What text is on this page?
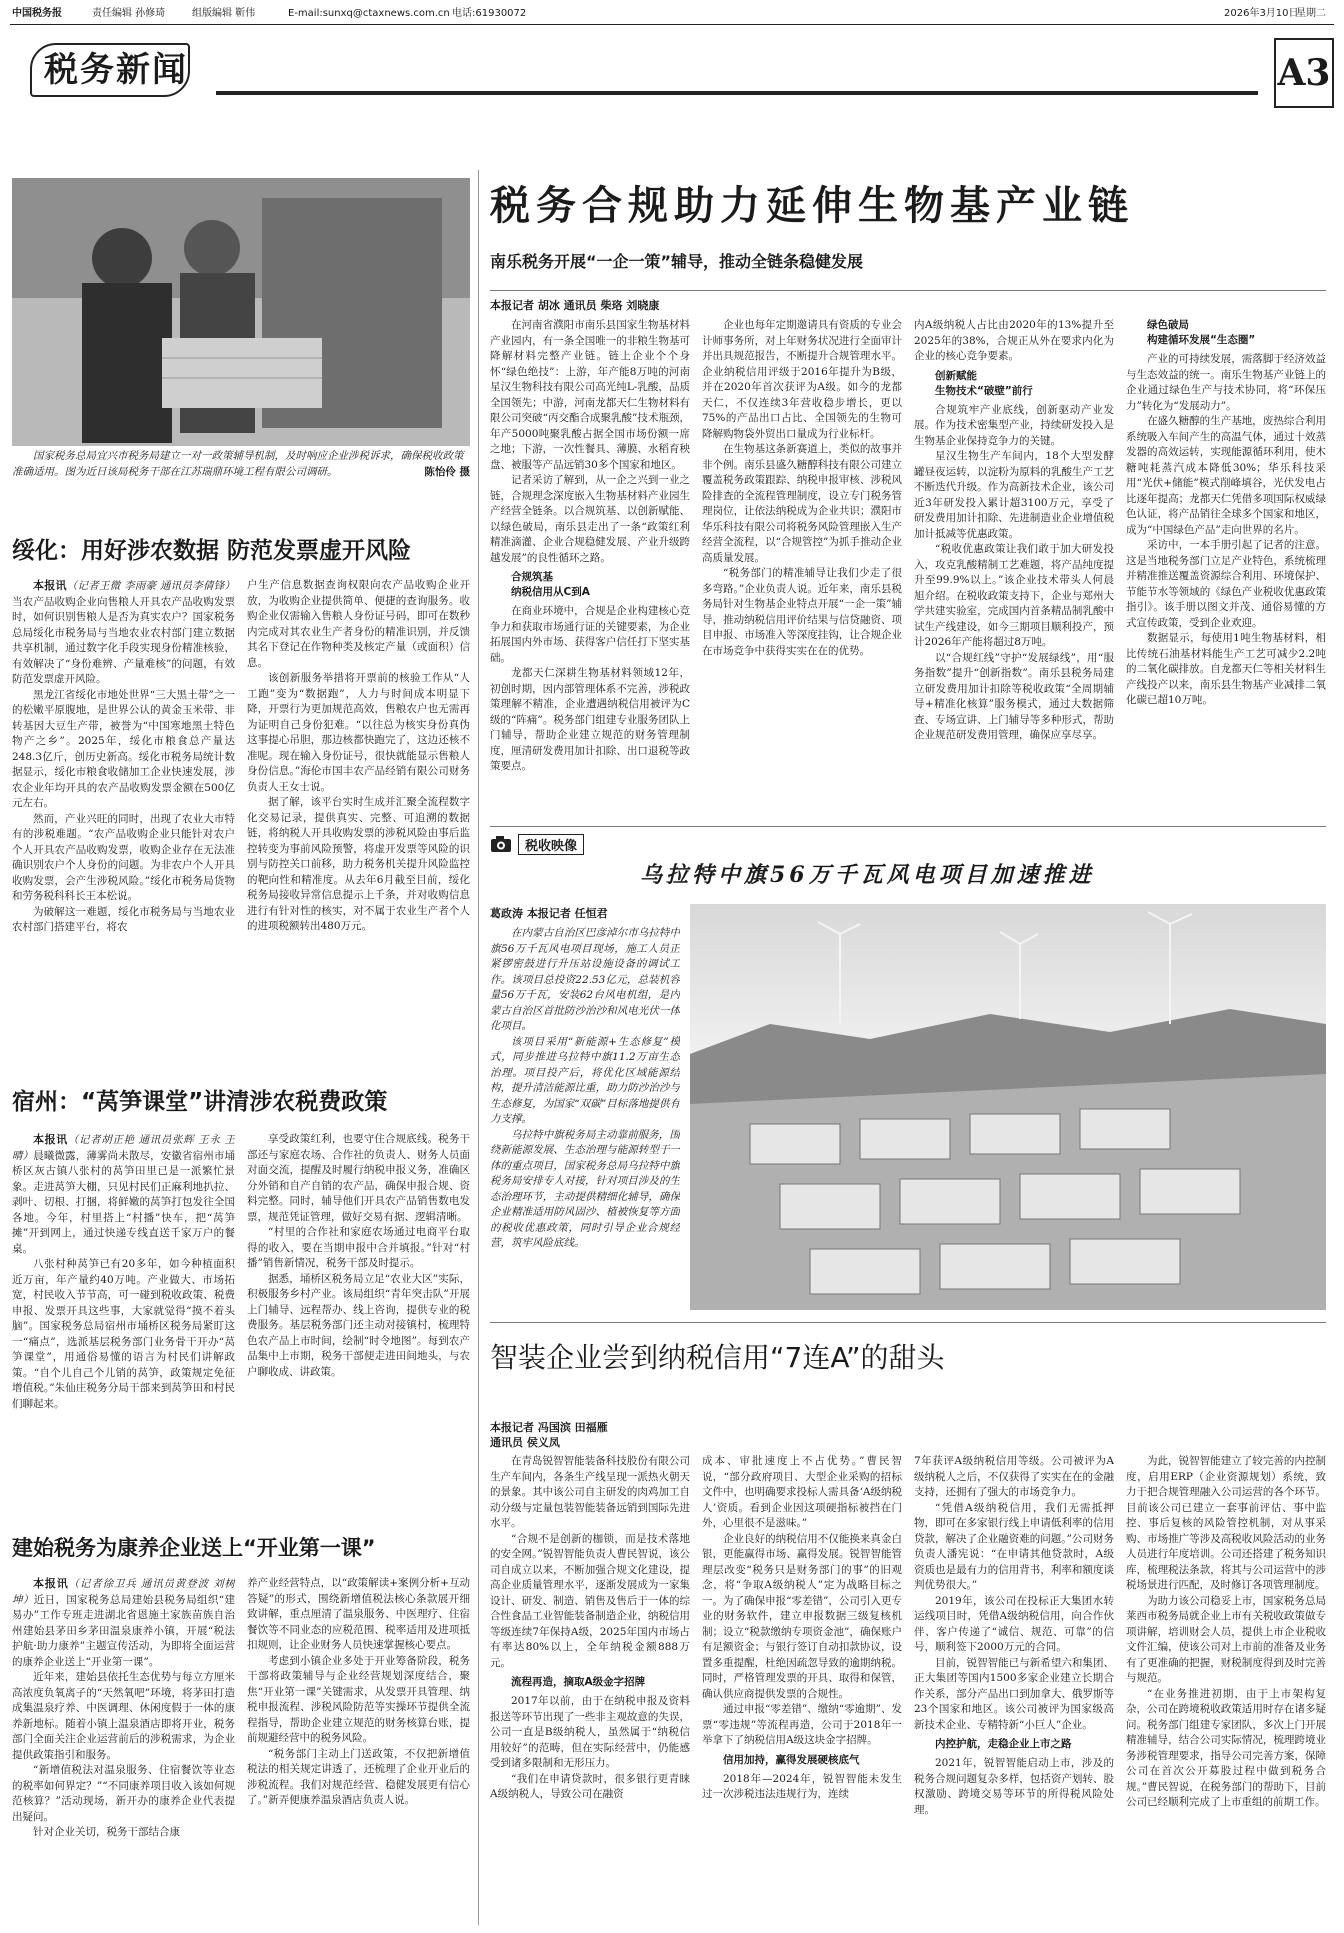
中国税务报	责任编辑 孙修琦	组版编辑 靳伟	E-mail:sunxq@ctaxnews.com.cn 电话:61930072	2026年3月10日
星期二
税务新闻	A3
国家税务总局宜兴市税务局建立一对一政策辅导机制，及时响应企业涉税诉求，确保税收政策准确适用。图为近日该局税务干部在江苏瑞鼎环境工程有限公司调研。	陈怡伶 摄
绥化：用好涉农数据 防范发票虚开风险

本报讯（记者王微 李雨豪 通讯员李倩锋）当农产品收购企业向售粮人开具农产品收购发票时，如何识别售粮人是否为真实农户？国家税务总局绥化市税务局与当地农业农村部门建立数据共享机制，通过数字化手段实现身份精准核验，有效解决了“身份难辨、产量难核”的问题，有效防范发票虚开风险。

黑龙江省绥化市地处世界“三大黑土带”之一的松嫩平原腹地，是世界公认的黄金玉米带、非转基因大豆生产带，被誉为“中国寒地黑土特色物产之乡”。2025年，绥化市粮食总产量达248.3亿斤，创历史新高。绥化市税务局统计数据显示，绥化市粮食收储加工企业快速发展，涉农企业年均开具的农产品收购发票金额在500亿元左右。

然而，产业兴旺的同时，出现了农业大市特有的涉税难题。“农产品收购企业只能针对农户个人开具农产品收购发票，收购企业存在无法准确识别农户个人身份的问题。为非农户个人开具收购发票，会产生涉税风险。”绥化市税务局货物和劳务税科科长王本松说。

为破解这一难题，绥化市税务局与当地农业农村部门搭建平台，将农

户生产信息数据查询权限向农产品收购企业开放，为收购企业提供简单、便捷的查询服务。收购企业仅需输入售粮人身份证号码，即可在数秒内完成对其农业生产者身份的精准识别，并反馈其名下登记在作物种类及核定产量（或面积）信息。

该创新服务举措将开票前的核验工作从“人工跑”变为“数据跑”，人力与时间成本明显下降，开票行为更加规范高效，售粮农户也无需再为证明自己身份犯难。“以往总为核实身份真伪这事提心吊胆，那边核都快跑完了，这边还核不准呢。现在输入身份证号，很快就能显示售粮人身份信息。”海伦市国丰农产品经销有限公司财务负责人王女士说。

据了解，该平台实时生成并汇聚全流程数字化交易记录，提供真实、完整、可追溯的数据链，将纳税人开具收购发票的涉税风险由事后监控转变为事前风险预警，将虚开发票等风险的识别与防控关口前移，助力税务机关提升风险监控的靶向性和精准度。从去年6月截至目前，绥化税务局接收异常信息提示上千条，并对收购信息进行有针对性的核实，对不属于农业生产者个人的进项税额转出480万元。

宿州：“莴笋课堂”讲清涉农税费政策

本报讯（记者胡正艳 通讯员张辉 王永 王晴）晨曦微露，薄雾尚未散尽，安徽省宿州市埇桥区灰古镇八张村的莴笋田里已是一派繁忙景象。走进莴笋大棚，只见村民们正麻利地扒拉、剥叶、切根、打捆，将鲜嫩的莴笋打包发往全国各地。今年，村里搭上“村播”快车，把“莴笋摊”开到网上，通过快递专线直送千家万户的餐桌。

八张村种莴笋已有20多年，如今种植面积近万亩，年产量约40万吨。产业做大、市场拓宽，村民收入节节高，可一碰到税收政策、税费申报、发票开具这些事，大家就觉得“摸不着头脑”。国家税务总局宿州市埇桥区税务局紧盯这一“痛点”，选派基层税务部门业务骨干开办“莴笋课堂”，用通俗易懂的语言为村民们讲解政策。“自个儿自己个儿销的莴笋，政策规定免征增值税。”朱仙庄税务分局干部来到莴笋田和村民们聊起来。

享受政策红利，也要守住合规底线。税务干部还与家庭农场、合作社的负责人、财务人员面对面交流，提醒及时履行纳税申报义务，准确区分外销和自产自销的农产品，确保申报合规、资料完整。同时，辅导他们开具农产品销售数电发票，规范凭证管理，做好交易有据、逻辑清晰。

“村里的合作社和家庭农场通过电商平台取得的收入，要在当期申报中合并填报。”针对“村播”销售新情况，税务干部及时提示。

据悉，埇桥区税务局立足“农业大区”实际，积极服务乡村产业。该局组织“青年突击队”开展上门辅导、远程帮办、线上咨询，提供专业的税费服务。基层税务部门还主动对接镇村，梳理特色农产品上市时间，绘制“时令地图”。每到农产品集中上市期，税务干部便走进田间地头，与农户聊收成、讲政策。

建始税务为康养企业送上“开业第一课”

本报讯（记者徐卫兵 通讯员黄登波 刘树坤）近日，国家税务总局建始县税务局组织“建易办”工作专班走进湖北省恩施土家族苗族自治州建始县茅田乡茅田温泉康养小镇，开展“税法护航·助力康养”主题宣传活动，为即将全面运营的康养企业送上“开业第一课”。

近年来，建始县依托生态优势与每立方厘米高浓度负氧离子的“天然氧吧”环境，将茅田打造成集温泉疗养、中医调理、休闲度假于一体的康养新地标。随着小镇上温泉酒店即将开业，税务部门全面关注企业运营前后的涉税需求，为企业提供政策指引和服务。

“新增值税法对温泉服务、住宿餐饮等业态的税率如何界定？”“不同康养项目收入该如何规范核算？”活动现场，新开办的康养企业代表提出疑问。

针对企业关切，税务干部结合康

养产业经营特点，以“政策解读+案例分析+互动答疑”的形式，围绕新增值税法核心条款展开细致讲解，重点厘清了温泉服务、中医理疗、住宿餐饮等不同业态的应税范围、税率适用及进项抵扣规则，让企业财务人员快速掌握核心要点。

考虑到小镇企业多处于开业筹备阶段，税务干部将政策辅导与企业经营规划深度结合，聚焦“开业第一课”关键需求，从发票开具管理、纳税申报流程、涉税风险防范等实操环节提供全流程指导，帮助企业建立规范的财务核算台账，提前规避经营中的税务风险。

“税务部门主动上门送政策，不仅把新增值税法的相关规定讲透了，还梳理了企业开业后的涉税流程。我们对规范经营、稳健发展更有信心了。”新弄便康养温泉酒店负责人说。

税务合规助力延伸生物基产业链
南乐税务开展“一企一策”辅导，推动全链条稳健发展
本报记者 胡冰 通讯员 柴珞 刘晓康

在河南省濮阳市南乐县国家生物基材料产业园内，有一条全国唯一的非粮生物基可降解材料完整产业链。链上企业个个身怀“绿色绝技”：上游，年产能8万吨的河南星汉生物科技有限公司高光纯L-乳酸，品质全国领先；中游，河南龙都天仁生物材料有限公司突破“丙交酯合成聚乳酸”技术瓶颈，年产5000吨聚乳酸占据全国市场份额一席之地；下游，一次性餐具、薄膜、水稻育秧盘、被服等产品远销30多个国家和地区。

记者采访了解到，从一企之兴到一业之链，合规理念深度嵌入生物基材料产业园生产经营全链条。以合规筑基、以创新赋能、以绿色破局，南乐县走出了一条“政策红利精准滴灌、企业合规稳健发展、产业升级跨越发展”的良性循环之路。

合规筑基
纳税信用从C到A

在商业环境中，合规是企业构建核心竞争力和获取市场通行证的关键要素，为企业拓展国内外市场、获得客户信任打下坚实基础。

龙都天仁深耕生物基材料领域12年，初创时期，因内部管理体系不完善，涉税政策理解不精准，企业遭遇纳税信用被评为C级的“阵痛”。税务部门组建专业服务团队上门辅导，帮助企业建立规范的财务管理制度，厘清研发费用加计扣除、出口退税等政策要点。

企业也每年定期邀请具有资质的专业会计师事务所，对上年财务状况进行全面审计并出具规范报告，不断提升合规管理水平。企业纳税信用评级于2016年提升为B级，并在2020年首次获评为A级。如今的龙都天仁，不仅连续3年营收稳步增长，更以75%的产品出口占比、全国领先的生物可降解购物袋外贸出口量成为行业标杆。

在生物基这条新赛道上，类似的故事并非个例。南乐县盛久糖醇科技有限公司建立覆盖税务政策跟踪、纳税申报审核、涉税风险排查的全流程管理制度，设立专门税务管理岗位，让依法纳税成为企业共识；濮阳市华乐科技有限公司将税务风险管理嵌入生产经营全流程，以“合规管控”为抓手推动企业高质量发展。

“税务部门的精准辅导让我们少走了很多弯路。”企业负责人说。近年来，南乐县税务局针对生物基企业特点开展“一企一策”辅导，推动纳税信用评价结果与信贷融资、项目申报、市场准入等深度挂钩，让合规企业在市场竞争中获得实实在在的优势。

内A级纳税人占比由2020年的13%提升至2025年的38%，合规正从外在要求内化为企业的核心竞争要素。

创新赋能
生物技术“破壁”前行

合规筑牢产业底线，创新驱动产业发展。作为技术密集型产业，持续研发投入是生物基企业保持竞争力的关键。

星汉生物生产车间内，18个大型发酵罐昼夜运转，以淀粉为原料的乳酸生产工艺不断迭代升级。作为高新技术企业，该公司近3年研发投入累计超3100万元，享受了研发费用加计扣除、先进制造业企业增值税加计抵减等优惠政策。

“税收优惠政策让我们敢于加大研发投入，攻克乳酸精制工艺难题，将产品纯度提升至99.9%以上。”该企业技术带头人何晨旭介绍。在税收政策支持下，企业与郑州大学共建实验室，完成国内首条精品制乳酸中试生产线建设，如今三期项目顺利投产，预计2026年产能将超过8万吨。

以“合规红线”守护“发展绿线”，用“服务指数”提升“创新指数”。南乐县税务局建立研发费用加计扣除等税收政策“全周期辅导+精准化核算”服务模式，通过大数据筛查、专场宣讲、上门辅导等多种形式，帮助企业规范研发费用管理，确保应享尽享。

绿色破局
构建循环发展“生态圈”

产业的可持续发展，需落脚于经济效益与生态效益的统一。南乐生物基产业链上的企业通过绿色生产与技术协同，将“环保压力”转化为“发展动力”。

在盛久糖醇的生产基地，废热综合利用系统吸入车间产生的高温气体，通过十效蒸发器的高效运转，实现能源循环利用，使木糖吨耗蒸汽成本降低30%；华乐科技采用“光伏+储能”模式削峰填谷，光伏发电占比逐年提高；龙都天仁凭借多项国际权威绿色认证，将产品销往全球多个国家和地区，成为“中国绿色产品”走向世界的名片。

采访中，一本手册引起了记者的注意。这是当地税务部门立足产业特色，系统梳理并精准推送覆盖资源综合利用、环境保护、节能节水等领域的《绿色产业税收优惠政策指引》。该手册以图文并茂、通俗易懂的方式宣传政策，受到企业欢迎。

数据显示，每使用1吨生物基材料，相比传统石油基材料能生产工艺可减少2.2吨的二氧化碳排放。自龙都天仁等相关材料生产线投产以来，南乐县生物基产业减排二氧化碳已超10万吨。

税收映像
乌拉特中旗56万千瓦风电项目加速推进
葛政涛 本报记者 任恒君

在内蒙古自治区巴彦淖尔市乌拉特中旗56万千瓦风电项目现场，施工人员正紧锣密鼓进行升压站设施设备的调试工作。该项目总投资22.53亿元，总装机容量56万千瓦，安装62台风电机组，是内蒙古自治区首批防沙治沙和风电光伏一体化项目。

该项目采用“新能源+生态修复”模式，同步推进乌拉特中旗11.2万亩生态治理。项目投产后，将优化区域能源结构，提升清洁能源比重，助力防沙治沙与生态修复，为国家“双碳”目标落地提供有力支撑。

乌拉特中旗税务局主动靠前服务，围绕新能源发展、生态治理与能源转型于一体的重点项目，国家税务总局乌拉特中旗税务局安排专人对接，针对项目涉及的生态治理环节，主动提供精细化辅导，确保企业精准适用防风固沙、植被恢复等方面的税收优惠政策，同时引导企业合规经营，筑牢风险底线。

智装企业尝到纳税信用“7连A”的甜头
本报记者 冯国滨 田福雁
通讯员 侯义凤

在青岛锐智智能装备科技股份有限公司生产车间内，各条生产线呈现一派热火朝天的景象。其中该公司自主研发的肉鸡加工自动分级与定量包装智能装备远销到国际先进水平。

“合规不是创新的枷锁，而是技术落地的安全网。”锐智智能负责人曹民智说，该公司自成立以来，不断加强合规文化建设，提高企业质量管理水平，逐渐发展成为一家集设计、研发、制造、销售及售后于一体的综合性食品工业智能装备制造企业，纳税信用等级连续7年保持A级，2025年国内市场占有率达80%以上，全年纳税金额888万元。

流程再造，摘取A级金字招牌

2017年以前，由于在纳税申报及资料报送等环节出现了一些非主观故意的失误，公司一直是B级纳税人，虽然属于“纳税信用较好”的范畴，但在实际经营中，仍能感受到诸多限制和无形压力。

“我们在申请贷款时，很多银行更青睐A级纳税人，导致公司在融资

成本、审批速度上不占优势。”曹民智说，“部分政府项目、大型企业采购的招标文件中，也明确要求投标人需具备‘A级纳税人’资质。看到企业因这项硬指标被挡在门外，心里很不是滋味。”

企业良好的纳税信用不仅能换来真金白银，更能赢得市场、赢得发展。锐智智能管理层改变“税务只是财务部门的事”的旧观念，将“争取A级纳税人”定为战略目标之一。为了确保申报“零差错”，公司引入更专业的财务软件，建立申报数据三级复核机制；设立“税款缴纳专项资金池”，确保账户有足额资金；与银行签订自动扣款协议，设置多重提醒，杜绝因疏忽导致的逾期纳税。同时，严格管理发票的开具、取得和保管，确认供应商提供发票的合规性。

通过申报“零差错”、缴纳“零逾期”、发票“零违规”等流程再造，公司于2018年一举拿下了纳税信用A级这块金字招牌。

信用加持，赢得发展硬核底气

2018年—2024年，锐智智能未发生过一次涉税违法违规行为，连续

7年获评A级纳税信用等级。公司被评为A级纳税人之后，不仅获得了实实在在的金融支持，还拥有了强大的市场竞争力。

“凭借A级纳税信用，我们无需抵押物，即可在多家银行线上申请低利率的信用贷款，解决了企业融资难的问题。”公司财务负责人潘宪说：“在申请其他贷款时，A级资质也是最有力的信用背书，利率和额度谈判优势很大。”

2019年，该公司在投标正大集团水转运线项目时，凭借A级纳税信用，向合作伙伴、客户传递了“诚信、规范、可靠”的信号，顺利签下2000万元的合同。

目前，锐智智能已与新希望六和集团、正大集团等国内1500多家企业建立长期合作关系，部分产品出口到加拿大、俄罗斯等23个国家和地区。该公司被评为国家级高新技术企业、专精特新“小巨人”企业。

内控护航，走稳企业上市之路

2021年，锐智智能启动上市，涉及的税务合规问题复杂多样，包括资产划转、股权激励、跨境交易等环节的所得税风险处理。

为此，锐智智能建立了较完善的内控制度，启用ERP（企业资源规划）系统，致力于把合规管理融入公司运营的各个环节。目前该公司已建立一套事前评估、事中监控、事后复核的风险管控机制，对从事采购、市场推广等涉及高税收风险活动的业务人员进行年度培训。公司还搭建了税务知识库，梳理税法条款，将其与公司运营中的涉税场景进行匹配，及时修订各项管理制度。

为助力该公司稳妥上市，国家税务总局莱西市税务局就企业上市有关税收政策做专项讲解，培训财会人员，提供上市企业税收文件汇编，使该公司对上市前的准备及业务有了更准确的把握，财税制度得到及时完善与规范。

“在业务推进初期，由于上市架构复杂，公司在跨境税收政策适用时存在诸多疑问。税务部门组建专家团队，多次上门开展精准辅导，结合公司实际情况，梳理跨境业务涉税管理要求，指导公司完善方案，保障公司在首次公开募股过程中做到税务合规。”曹民智说，在税务部门的帮助下，目前公司已经顺利完成了上市重组的前期工作。
